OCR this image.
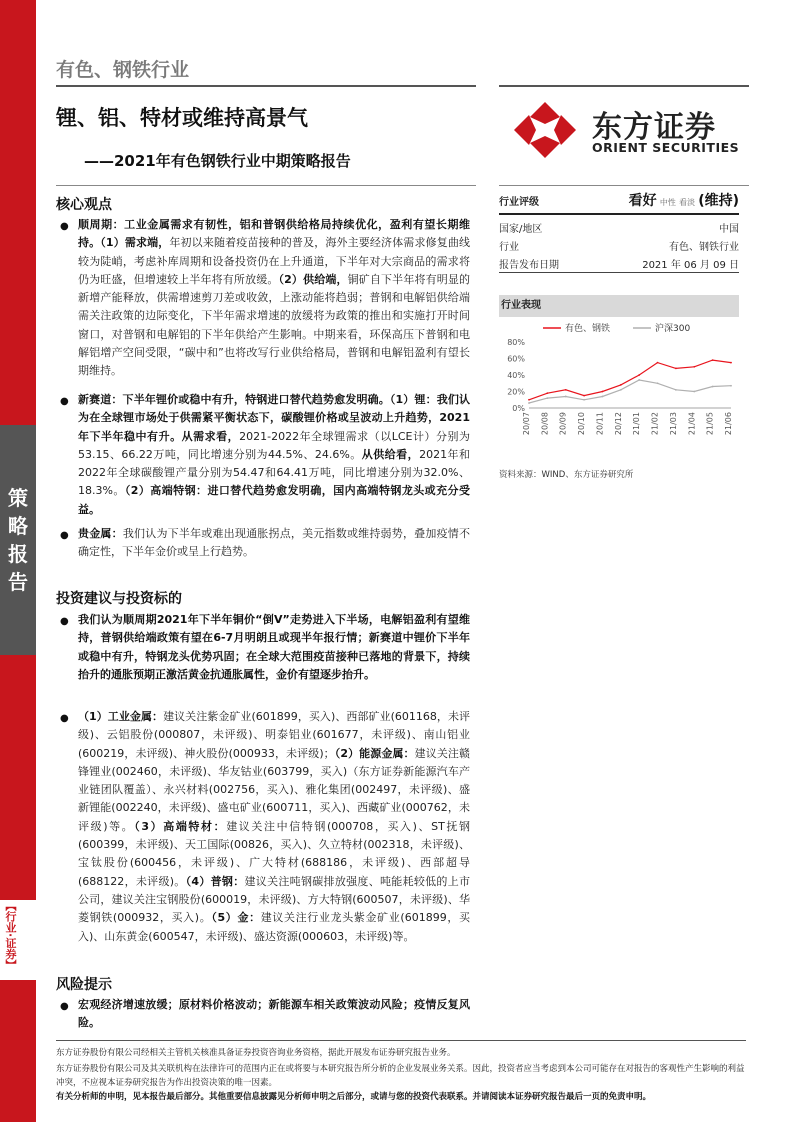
策
略
报
告
【行业·证券】
有色、钢铁行业
锂、铝、特材或维持高景气
——2021年有色钢铁行业中期策略报告
东方证券
ORIENT SECURITIES
核心观点
● 顺周期：工业金属需求有韧性，铝和普钢供给格局持续优化，盈利有望长期维持。（1）需求端，年初以来随着疫苗接种的普及，海外主要经济体需求修复曲线较为陡峭，考虑补库周期和设备投资仍在上升通道，下半年对大宗商品的需求将仍为旺盛，但增速较上半年将有所放缓。（2）供给端，铜矿自下半年将有明显的新增产能释放，供需增速剪刀差或收敛，上涨动能将趋弱；普钢和电解铝供给端需关注政策的边际变化，下半年需求增速的放缓将为政策的推出和实施打开时间窗口，对普钢和电解铝的下半年供给产生影响。中期来看，环保高压下普钢和电解铝增产空间受限，“碳中和”也将改写行业供给格局，普钢和电解铝盈利有望长期维持。
● 新赛道：下半年锂价或稳中有升，特钢进口替代趋势愈发明确。（1）锂：我们认为在全球锂市场处于供需紧平衡状态下，碳酸锂价格或呈波动上升趋势，2021年下半年稳中有升。从需求看，2021-2022年全球锂需求（以LCE计）分别为53.15、66.22万吨，同比增速分别为44.5%、24.6%。从供给看，2021年和2022年全球碳酸锂产量分别为54.47和64.41万吨，同比增速分别为32.0%、18.3%。（2）高端特钢：进口替代趋势愈发明确，国内高端特钢龙头或充分受益。
● 贵金属：我们认为下半年或难出现通胀拐点，美元指数或维持弱势，叠加疫情不确定性，下半年金价或呈上行趋势。
投资建议与投资标的
● 我们认为顺周期2021年下半年铜价“倒V”走势进入下半场，电解铝盈利有望维持，普钢供给端政策有望在6-7月明朗且或现半年报行情；新赛道中锂价下半年或稳中有升，特钢龙头优势巩固；在全球大范围疫苗接种已落地的背景下，持续抬升的通胀预期正激活黄金抗通胀属性，金价有望逐步抬升。
● （1）工业金属：建议关注紫金矿业(601899，买入)、西部矿业(601168，未评级)、云铝股份(000807，未评级)、明泰铝业(601677，未评级)、南山铝业(600219，未评级)、神火股份(000933，未评级)；（2）能源金属：建议关注赣锋锂业(002460，未评级)、华友钴业(603799，买入)（东方证券新能源汽车产业链团队覆盖）、永兴材料(002756，买入)、雅化集团(002497，未评级)、盛新锂能(002240，未评级)、盛屯矿业(600711，买入)、西藏矿业(000762，未评级)等。（3）高端特材：建议关注中信特钢(000708，买入)、ST抚钢(600399，未评级)、天工国际(00826，买入)、久立特材(002318，未评级)、宝钛股份(600456，未评级)、广大特材(688186，未评级)、西部超导(688122，未评级)。（4）普钢：建议关注吨钢碳排放强度、吨能耗较低的上市公司，建议关注宝钢股份(600019，未评级)、方大特钢(600507，未评级)、华菱钢铁(000932，买入)。（5）金：建议关注行业龙头紫金矿业(601899，买入)、山东黄金(600547，未评级)、盛达资源(000603，未评级)等。
风险提示
● 宏观经济增速放缓；原材料价格波动；新能源车相关政策波动风险；疫情反复风险。
行业评级	看好 中性 看淡 (维持)
国家/地区	中国
行业	有色、钢铁行业
报告发布日期	2021 年 06 月 09 日
行业表现
有色、钢铁	沪深300
80%
60%
40%
20%
0%
20/07 20/08 20/09 20/10 20/11 20/12 21/01 21/02 21/03 21/04 21/05 21/06
资料来源：WIND、东方证券研究所
东方证券股份有限公司经相关主管机关核准具备证券投资咨询业务资格，据此开展发布证券研究报告业务。
东方证券股份有限公司及其关联机构在法律许可的范围内正在或将要与本研究报告所分析的企业发展业务关系。因此，投资者应当考虑到本公司可能存在对报告的客观性产生影响的利益冲突，不应视本证券研究报告为作出投资决策的唯一因素。
有关分析师的申明，见本报告最后部分。其他重要信息披露见分析师申明之后部分，或请与您的投资代表联系。并请阅读本证券研究报告最后一页的免责申明。
